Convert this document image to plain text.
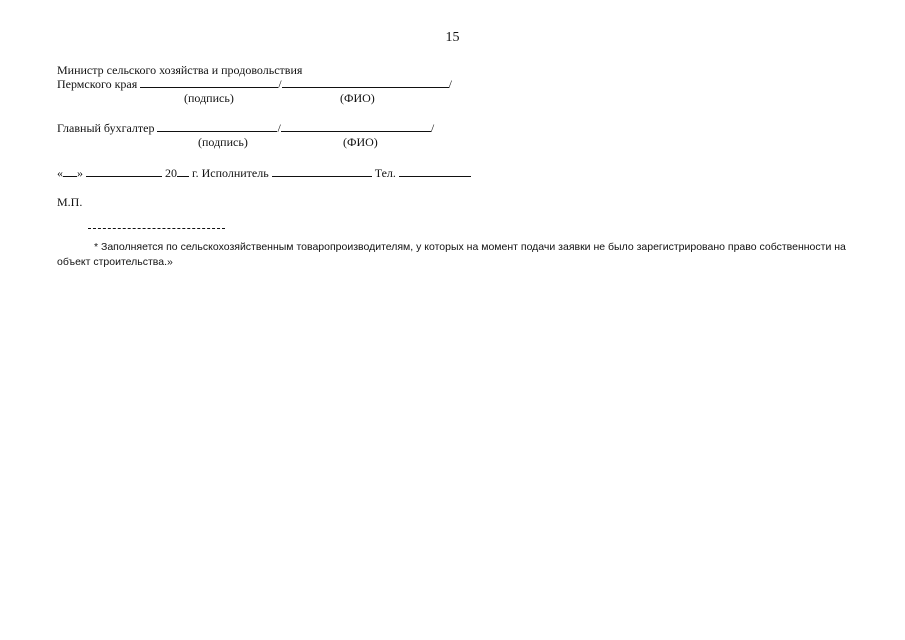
15
Министр сельского хозяйства и продовольствия
Пермского края	/	/
(подпись)	(ФИО)
Главный бухгалтер	/	/
(подпись)	(ФИО)
« »	20 г. Исполнитель	Тел.
М.П.
* Заполняется по сельскохозяйственным товаропроизводителям, у которых на момент подачи заявки не было зарегистрировано право собственности на объект строительства.»
